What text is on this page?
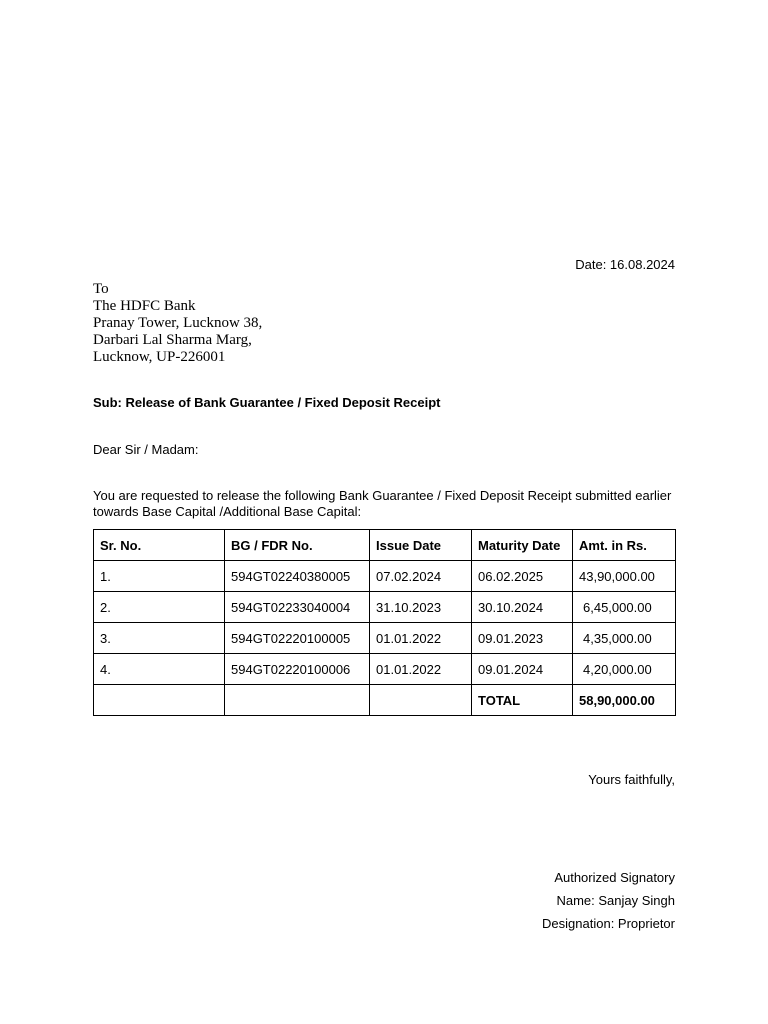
Date: 16.08.2024
To
The HDFC Bank
Pranay Tower, Lucknow 38,
Darbari Lal Sharma Marg,
Lucknow, UP-226001
Sub: Release of Bank Guarantee / Fixed Deposit Receipt
Dear Sir / Madam:
You are requested to release the following Bank Guarantee / Fixed Deposit Receipt submitted earlier
towards Base Capital /Additional Base Capital:
Sr. No.	BG / FDR No.	Issue Date	Maturity Date	Amt. in Rs.
1.	594GT02240380005	07.02.2024	06.02.2025	43,90,000.00
2.	594GT02233040004	31.10.2023	30.10.2024	6,45,000.00
3.	594GT02220100005	01.01.2022	09.01.2023	4,35,000.00
4.	594GT02220100006	01.01.2022	09.01.2024	4,20,000.00
			TOTAL	58,90,000.00
Yours faithfully,
Authorized Signatory
Name: Sanjay Singh
Designation: Proprietor
